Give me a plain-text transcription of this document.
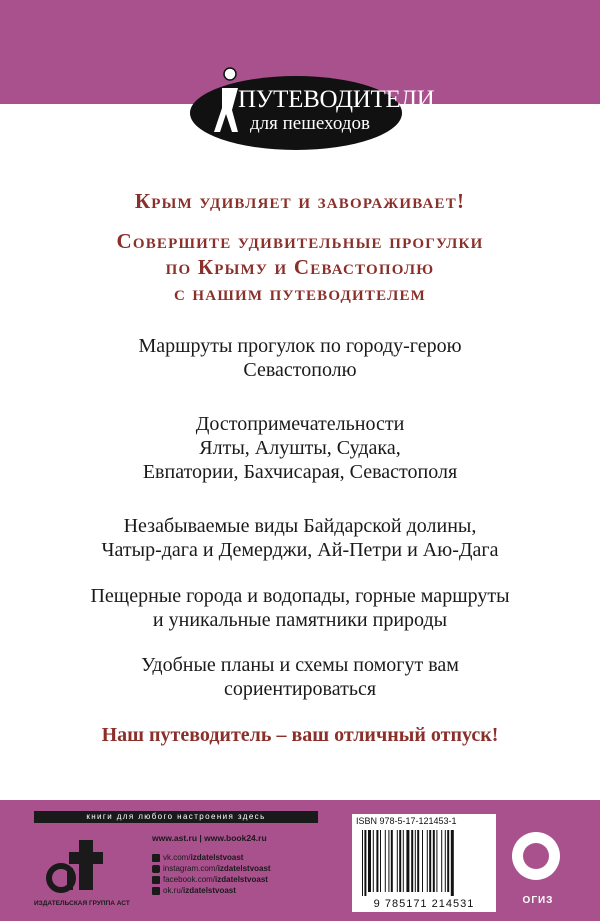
ПУТЕВОДИТЕЛИ
для пешеходов
Крым удивляет и завораживает!
Совершите удивительные прогулки
по Крыму и Севастополю
с нашим путеводителем
Маршруты прогулок по городу-герою
Севастополю
Достопримечательности
Ялты, Алушты, Судака,
Евпатории, Бахчисарая, Севастополя
Незабываемые виды Байдарской долины,
Чатыр-дага и Демерджи, Ай-Петри и Аю-Дага
Пещерные города и водопады, горные маршруты
и уникальные памятники природы
Удобные планы и схемы помогут вам
сориентироваться
Наш путеводитель – ваш отличный отпуск!
книги для любого настроения здесь
ИЗДАТЕЛЬСКАЯ ГРУППА АСТ
www.ast.ru | www.book24.ru
vk.com/ izdatelstvoast
instagram.com/ izdatelstvoast
facebook.com/ izdatelstvoast
ok.ru/ izdatelstvoast
ISBN 978-5-17-121453-1
9 785171 214531	ОГИЗ
